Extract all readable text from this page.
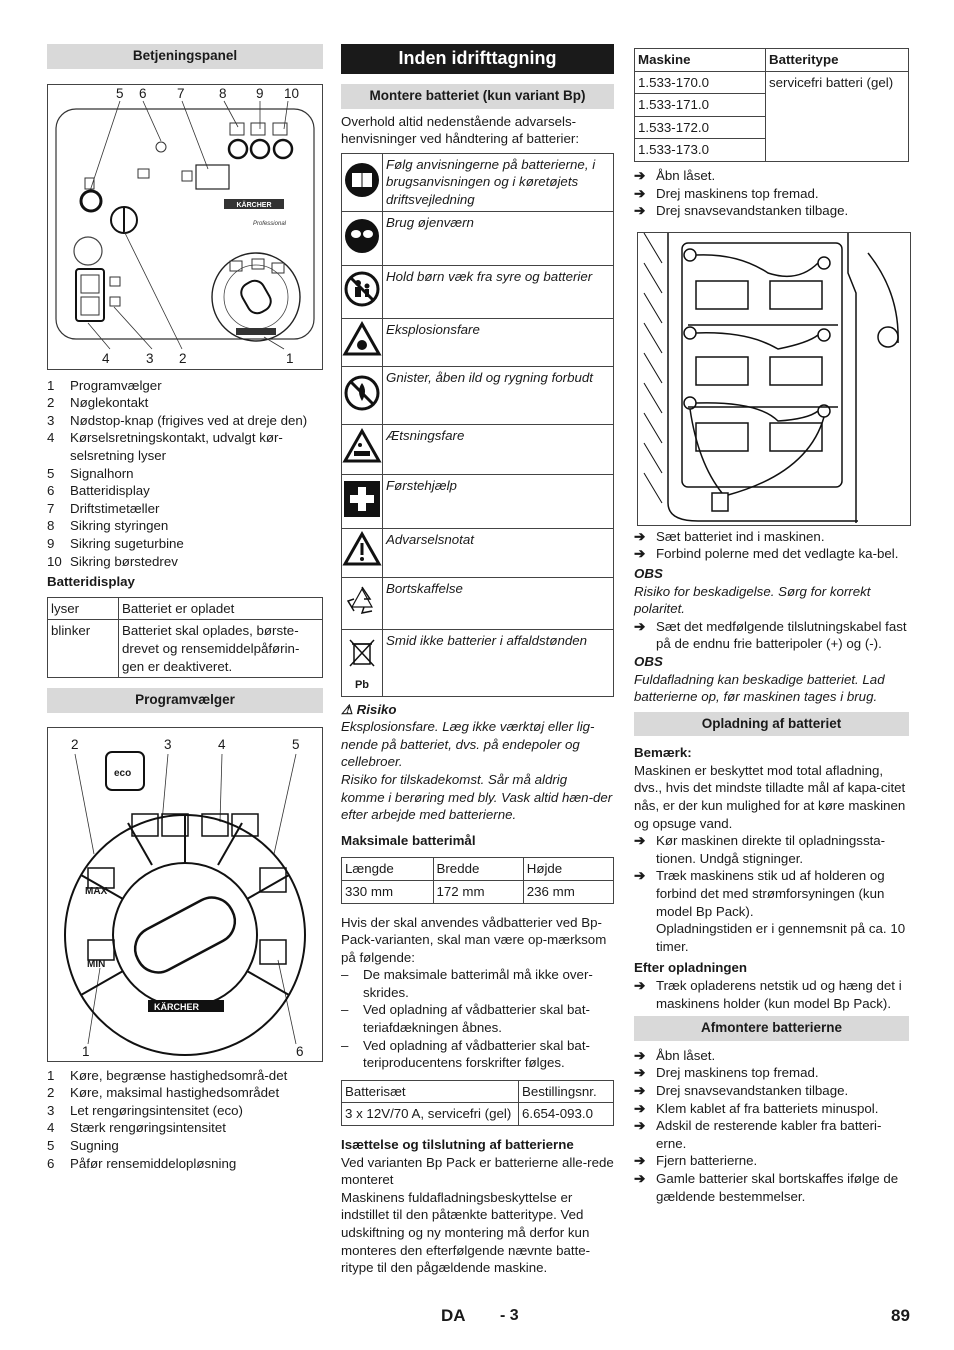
Betjeningspanel
5 6 7	8 9 10
KÄRCHER
Professional
4	3 2	1
1	Programvælger
2	Nøglekontakt
3	Nødstop-knap (frigives ved at dreje den)
4	Kørselsretningskontakt, udvalgt kør-selsretning lyser
5	Signalhorn
6	Batteridisplay
7	Driftstimetæller
8	Sikring styringen
9	Sikring sugeturbine
10 Sikring børstedrev
Batteridisplay
lyser	Batteriet er opladet
blinker	Batteriet skal oplades, børste-drevet og rensemiddelpåførin-gen er deaktiveret.
Programvælger
2	3	4	5
eco
MAX
MIN
KÄRCHER
1	6
1	Køre, begrænse hastighedsområ-det
2	Køre, maksimal hastighedsområdet
3	Let rengøringsintensitet (eco)
4	Stærk rengøringsintensitet
5	Sugning
6	Påfør rensemiddelopløsning
Inden idrifttagning
Montere batteriet (kun variant Bp)

Overhold altid nedenstående advarsels-henvisninger ved håndtering af batterier:

	Følg anvisningerne på batterierne, i brugsanvisningen og i køretøjets driftsvejledning
	Brug øjenværn
	Hold børn væk fra syre og batterier
	Eksplosionsfare
	Gnister, åben ild og rygning forbudt
	Ætsningsfare
	Førstehjælp
	Advarselsnotat
	Bortskaffelse

Pb	Smid ikke batterier i affaldstønden
⚠ Risiko

Eksplosionsfare. Læg ikke værktøj eller lig-nende på batteriet, dvs. på endepoler og cellebroer.

Risiko for tilskadekomst. Sår må aldrig komme i berøring med bly. Vask altid hæn-der efter arbejde med batterierne.

Maksimale batterimål
Længde	Bredde	Højde
330 mm	172 mm	236 mm

Hvis der skal anvendes vådbatterier ved Bp-Pack-varianten, skal man være op-mærksom på følgende:

–	De maksimale batterimål må ikke over-skrides.
–	Ved opladning af vådbatterier skal bat-teriafdækningen åbnes.
–	Ved opladning af vådbatterier skal bat-teriproducentens forskrifter følges.
Batterisæt	Bestillingsnr.
3 x 12V/70 A, servicefri (gel)	6.654-093.0
Isættelse og tilslutning af batterierne

Ved varianten Bp Pack er batterierne alle-rede monteret

Maskinens fuldafladningsbeskyttelse er indstillet til den påtænkte batteritype. Ved udskiftning og ny montering må derfor kun monteres den efterfølgende nævnte batte-ritype til den pågældende maskine.

Maskine	Batteritype
1.533-170.0	servicefri batteri (gel)
1.533-171.0	
1.533-172.0	
1.533-173.0	
➔ Åbn låset.
➔ Drej maskinens top fremad.
➔ Drej snavsevandstanken tilbage.
➔ Sæt batteriet ind i maskinen.
➔ Forbind polerne med det vedlagte ka-bel.
OBS

Risiko for beskadigelse. Sørg for korrekt polaritet.

➔ Sæt det medfølgende tilslutningskabel fast på de endnu frie batteripoler (+) og (-).
OBS

Fuldafladning kan beskadige batteriet. Lad batterierne op, før maskinen tages i brug.

Opladning af batteriet
Bemærk:

Maskinen er beskyttet mod total afladning, dvs., hvis det mindste tilladte mål af kapa-citet nås, er der kun mulighed for at køre maskinen og opsuge vand.

➔ Kør maskinen direkte til opladningssta-tionen. Undgå stigninger.
➔ Træk maskinens stik ud af holderen og forbind det med strømforsyningen (kun model Bp Pack).

Opladningstiden er i gennemsnit på ca. 10 timer.

Efter opladningen
➔ Træk opladerens netstik ud og hæng det i maskinens holder (kun model Bp Pack).
Afmontere batterierne
➔ Åbn låset.
➔ Drej maskinens top fremad.
➔ Drej snavsevandstanken tilbage.
➔ Klem kablet af fra batteriets minuspol.
➔ Adskil de resterende kabler fra batteri-erne.
➔ Fjern batterierne.
➔ Gamle batterier skal bortskaffes ifølge de gældende bestemmelser.
DA - 3	89
